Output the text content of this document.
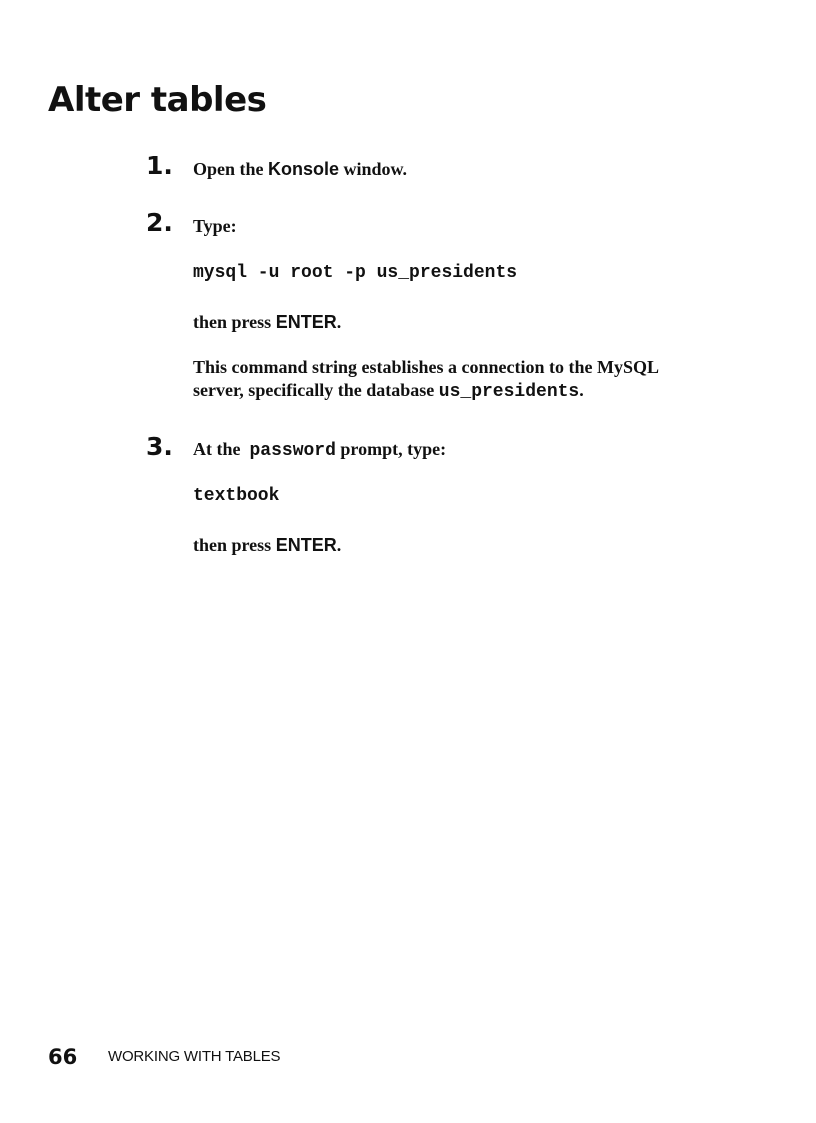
Alter tables
1. Open the Konsole window.

2. Type:

mysql -u root -p us_presidents

then press ENTER.

This command string establishes a connection to the MySQL

server, specifically the database us_presidents.

3. At the password prompt, type:

textbook

then press ENTER.

66 WORKING WITH TABLES
